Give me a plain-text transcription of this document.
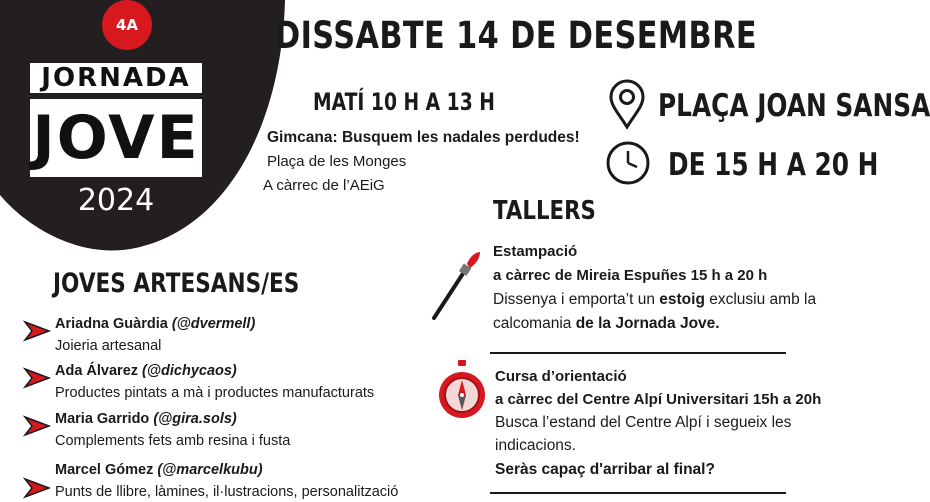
4A
JORNADA
JOVE
2024
DISSABTE 14 DE DESEMBRE
MATÍ 10 H A 13 H
Gimcana: Busquem les nadales perdudes!
Plaça de les Monges
A càrrec de l’AEiG
PLAÇA JOAN SANSA
DE 15 H A 20 H
TALLERS
Estampació
a càrrec de Mireia Espuñes 15 h a 20 h
Dissenya i emporta’t un estoig exclusiu amb la
calcomania de la Jornada Jove.
Cursa d’orientació
a càrrec del Centre Alpí Universitari 15h a 20h
Busca l’estand del Centre Alpí i segueix les
indicacions.
Seràs capaç d'arribar al final?
JOVES ARTESANS/ES
Ariadna Guàrdia (@dvermell)
Joieria artesanal
Ada Álvarez (@dichycaos)
Productes pintats a mà i productes manufacturats
Maria Garrido (@gira.sols)
Complements fets amb resina i fusta
Marcel Gómez (@marcelkubu)
Punts de llibre, làmines, il·lustracions, personalització
